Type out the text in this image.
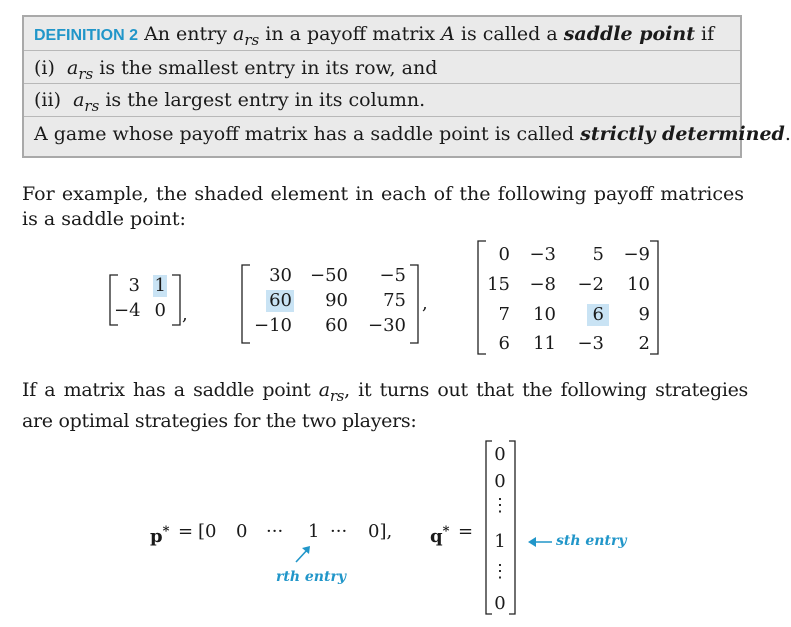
DEFINITION 2 An entry $a_{rs}$ in a payoff matrix A is called a saddle point if
(i) $a_{rs}$ is the smallest entry in its row, and
(ii) $a_{rs}$ is the largest entry in its column.
A game whose payoff matrix has a saddle point is called strictly determined.
For example, the shaded element in each of the following payoff matrices is a saddle point:
3 1
−4 0 ,
30	−50	−5
60	90	75
−10	60	−30
,
0	−3	5	−9
15	−8	−2	10
7	10	6	9
6	11	−3	2
If a matrix has a saddle point $a_{rs}$, it turns out that the following strategies are optimal strategies for the two players:
p* = [0 0 ··· 1 ··· 0],
rth entry
q* =
0
0
⋮
1
⋮
0
sth entry
